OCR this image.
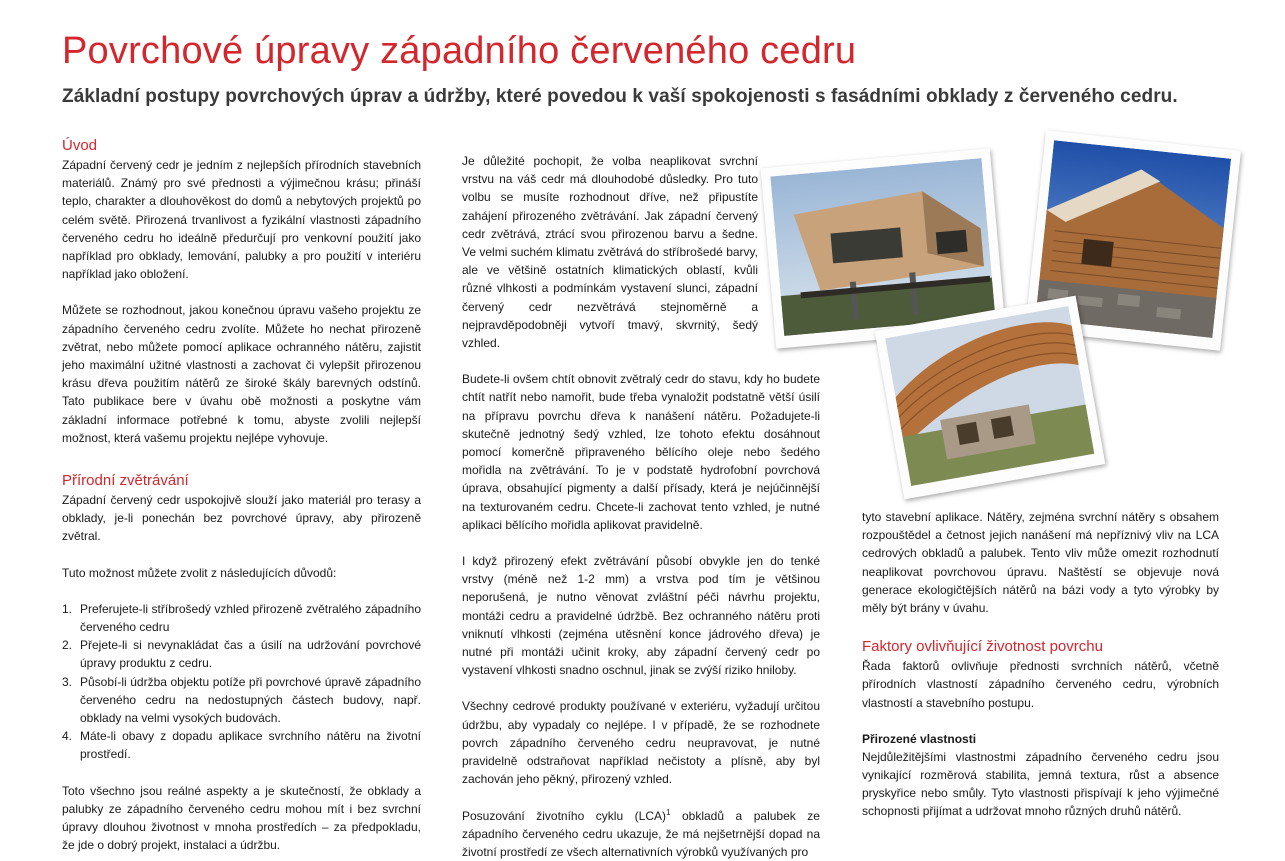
Povrchové úpravy západního červeného cedru
Základní postupy povrchových úprav a údržby, které povedou k vaší spokojenosti s fasádními obklady z červeného cedru.
Úvod

Západní červený cedr je jedním z nejlepších přírodních stavebních materiálů. Známý pro své přednosti a výjimečnou krásu; přináší teplo, charakter a dlouhověkost do domů a nebytových projektů po celém světě. Přirozená trvanlivost a fyzikální vlastnosti západního červeného cedru ho ideálně předurčují pro venkovní použití jako například pro obklady, lemování, palubky a pro použití v interiéru například jako obložení.

Můžete se rozhodnout, jakou konečnou úpravu vašeho projektu ze západního červeného cedru zvolíte. Můžete ho nechat přirozeně zvětrat, nebo můžete pomocí aplikace ochranného nátěru, zajistit jeho maximální užitné vlastnosti a zachovat či vylepšit přirozenou krásu dřeva použitím nátěrů ze široké škály barevných odstínů. Tato publikace bere v úvahu obě možnosti a poskytne vám základní informace potřebné k tomu, abyste zvolili nejlepší možnost, která vašemu projektu nejlépe vyhovuje.

Přírodní zvětrávání

Západní červený cedr uspokojivě slouží jako materiál pro terasy a obklady, je-li ponechán bez povrchové úpravy, aby přirozeně zvětral.

Tuto možnost můžete zvolit z následujících důvodů:

1. Preferujete-li stříbrošedý vzhled přirozeně zvětralého západního červeného cedru
2. Přejete-li si nevynakládat čas a úsilí na udržování povrchové úpravy produktu z cedru.
3. Působí-li údržba objektu potíže při povrchové úpravě západního červeného cedru na nedostupných částech budovy, např. obklady na velmi vysokých budovách.
4. Máte-li obavy z dopadu aplikace svrchního nátěru na životní prostředí.

Toto všechno jsou reálné aspekty a je skutečností, že obklady a palubky ze západního červeného cedru mohou mít i bez svrchní úpravy dlouhou životnost v mnoha prostředích – za předpokladu, že jde o dobrý projekt, instalaci a údržbu.

Je důležité pochopit, že volba neaplikovat svrchní vrstvu na váš cedr má dlouhodobé důsledky. Pro tuto volbu se musíte rozhodnout dříve, než připustíte zahájení přirozeného zvětrávání. Jak západní červený cedr zvětrává, ztrácí svou přirozenou barvu a šedne. Ve velmi suchém klimatu zvětrává do stříbrošedé barvy, ale ve většině ostatních klimatických oblastí, kvůli různé vlhkosti a podmínkám vystavení slunci, západní červený cedr nezvětrává stejnoměrně a nejpravděpodobněji vytvoří tmavý, skvrnitý, šedý vzhled.

Budete-li ovšem chtít obnovit zvětralý cedr do stavu, kdy ho budete chtít natřít nebo namořit, bude třeba vynaložit podstatně větší úsilí na přípravu povrchu dřeva k nanášení nátěru. Požadujete-li skutečně jednotný šedý vzhled, lze tohoto efektu dosáhnout pomocí komerčně připraveného bělícího oleje nebo šedého mořidla na zvětrávání. To je v podstatě hydrofobní povrchová úprava, obsahující pigmenty a další přísady, která je nejúčinnější na texturovaném cedru. Chcete-li zachovat tento vzhled, je nutné aplikaci bělícího mořidla aplikovat pravidelně.

I když přirozený efekt zvětrávání působí obvykle jen do tenké vrstvy (méně než 1-2 mm) a vrstva pod tím je většinou neporušená, je nutno věnovat zvláštní péči návrhu projektu, montáži cedru a pravidelné údržbě. Bez ochranného nátěru proti vniknutí vlhkosti (zejména utěsnění konce jádrového dřeva) je nutné při montáži učinit kroky, aby západní červený cedr po vystavení vlhkosti snadno oschnul, jinak se zvýší riziko hniloby.

Všechny cedrové produkty používané v exteriéru, vyžadují určitou údržbu, aby vypadaly co nejlépe. I v případě, že se rozhodnete povrch západního červeného cedru neupravovat, je nutné pravidelně odstraňovat například nečistoty a plísně, aby byl zachován jeho pěkný, přirozený vzhled.

Posuzování životního cyklu (LCA)$^1$ obkladů a palubek ze západního červeného cedru ukazuje, že má nejšetrnější dopad na životní prostředí ze všech alternativních výrobků využívaných pro

tyto stavební aplikace. Nátěry, zejména svrchní nátěry s obsahem rozpouštědel a četnost jejich nanášení má nepříznivý vliv na LCA cedrových obkladů a palubek. Tento vliv může omezit rozhodnutí neaplikovat povrchovou úpravu. Naštěstí se objevuje nová generace ekologičtějších nátěrů na bázi vody a tyto výrobky by měly být brány v úvahu.

Faktory ovlivňující životnost povrchu

Řada faktorů ovlivňuje přednosti svrchních nátěrů, včetně přírodních vlastností západního červeného cedru, výrobních vlastností a stavebního postupu.

Přirozené vlastnosti

Nejdůležitějšími vlastnostmi západního červeného cedru jsou vynikající rozměrová stabilita, jemná textura, růst a absence pryskyřice nebo smůly. Tyto vlastnosti přispívají k jeho výjimečné schopnosti přijímat a udržovat mnoho různých druhů nátěrů.
